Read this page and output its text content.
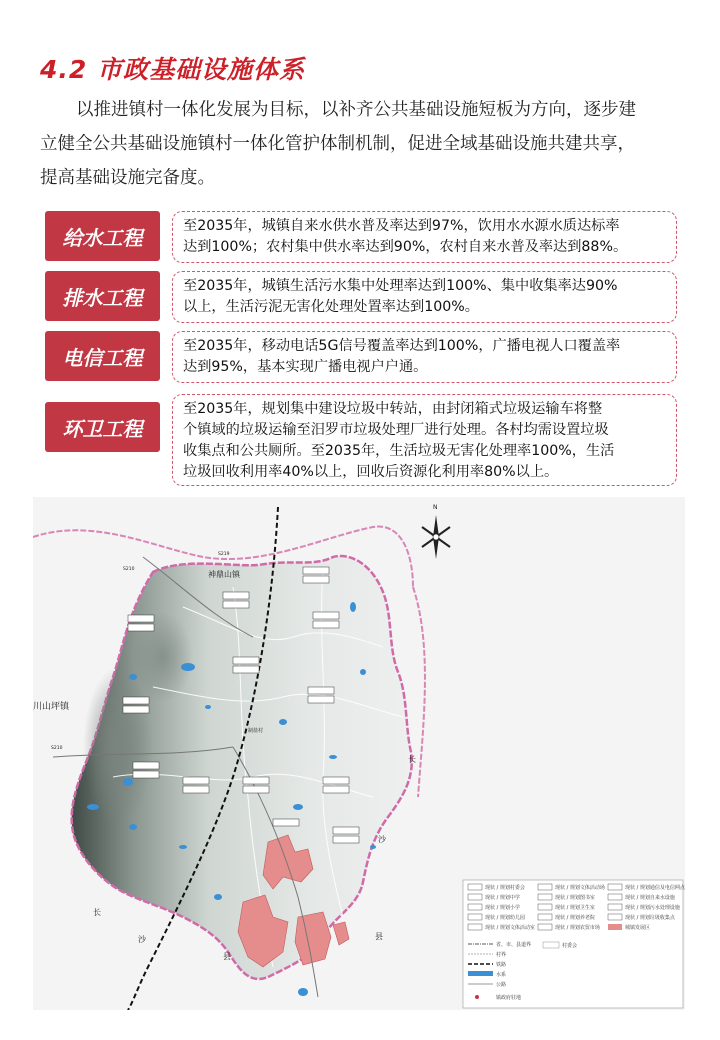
4.2 市政基础设施体系

以推进镇村一体化发展为目标，以补齐公共基础设施短板为方向，逐步建
立健全公共基础设施镇村一体化管护体制机制，促进全域基础设施共建共享，
提高基础设施完备度。

给水工程	至2035年，城镇自来水供水普及率达到97%，饮用水水源水质达标率
达到100%；农村集中供水率达到90%，农村自来水普及率达到88%。
排水工程	至2035年，城镇生活污水集中处理率达到100%、集中收集率达90%
以上，生活污泥无害化处理处置率达到100%。
电信工程	至2035年，移动电话5G信号覆盖率达到100%，广播电视人口覆盖率
达到95%，基本实现广播电视户户通。
环卫工程
至2035年，规划集中建设垃圾中转站，由封闭箱式垃圾运输车将整
个镇域的垃圾运输至汨罗市垃圾处理厂进行处理。各村均需设置垃圾
收集点和公共厕所。至2035年，生活垃圾无害化处理率100%，生活
垃圾回收利用率40%以上，回收后资源化利用率80%以上。
神鼎山镇
川山坪镇
长
沙
长
沙
县
县
制盐村
S210
S210
S219
N
现状 / 规划村委会
现状 / 规划中学
现状 / 规划小学
现状 / 规划幼儿园
现状 / 规划文体活动室
现状 / 规划文体活动场
现状 / 规划图书室
现状 / 规划卫生室
现状 / 规划养老院
现状 / 规划农贸市场
现状 / 规划通信及电信网点
现状 / 规划自来水设施
现状 / 规划污水处理设施
现状 / 规划垃圾收集点
城镇发展区
省、市、县道界
村界
铁路
水系
公路
村委会
镇政府驻地
